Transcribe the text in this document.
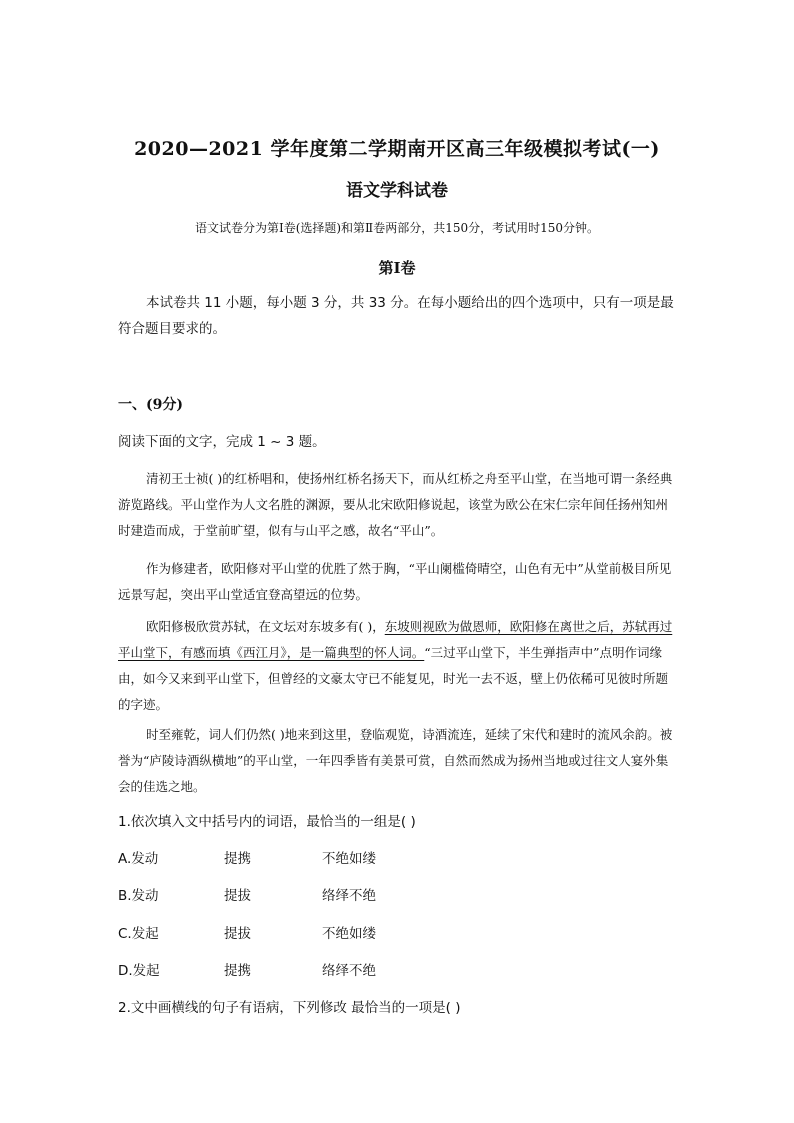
2020—2021 学年度第二学期南开区高三年级模拟考试(一)
语文学科试卷
语文试卷分为第Ⅰ卷(选择题)和第Ⅱ卷两部分，共150分，考试用时150分钟。
第Ⅰ卷

本试卷共 11 小题，每小题 3 分，共 33 分。在每小题给出的四个选项中，只有一项是最符合题目要求的。

一、(9分)
阅读下面的文字，完成 1 ~ 3 题。

清初王士祯( )的红桥唱和，使扬州红桥名扬天下，而从红桥之舟至平山堂，在当地可谓一条经典游览路线。平山堂作为人文名胜的渊源，要从北宋欧阳修说起，该堂为欧公在宋仁宗年间任扬州知州时建造而成，于堂前旷望，似有与山平之感，故名“平山”。

作为修建者，欧阳修对平山堂的优胜了然于胸，“平山阑槛倚晴空，山色有无中”从堂前极目所见远景写起，突出平山堂适宜登高望远的位势。

欧阳修极欣赏苏轼，在文坛对东坡多有( )，东坡则视欧为做恩师，欧阳修在离世之后，苏轼再过平山堂下，有感而填《西江月》，是一篇典型的怀人词。“三过平山堂下，半生弹指声中”点明作词缘由，如今又来到平山堂下，但曾经的文豪太守已不能复见，时光一去不返，壁上仍依稀可见彼时所题的字迹。

时至雍乾，词人们仍然( )地来到这里，登临观览，诗酒流连，延续了宋代和建时的流风余韵。被誉为“庐陵诗酒纵横地”的平山堂，一年四季皆有美景可赏，自然而然成为扬州当地或过往文人宴外集会的佳选之地。

1.依次填入文中括号内的词语，最恰当的一组是( )
A.发动	提携	不绝如缕
B.发动	提拔	络绎不绝
C.发起	提拔	不绝如缕
D.发起	提携	络绎不绝
2.文中画横线的句子有语病，下列修改 最恰当的一项是( )
